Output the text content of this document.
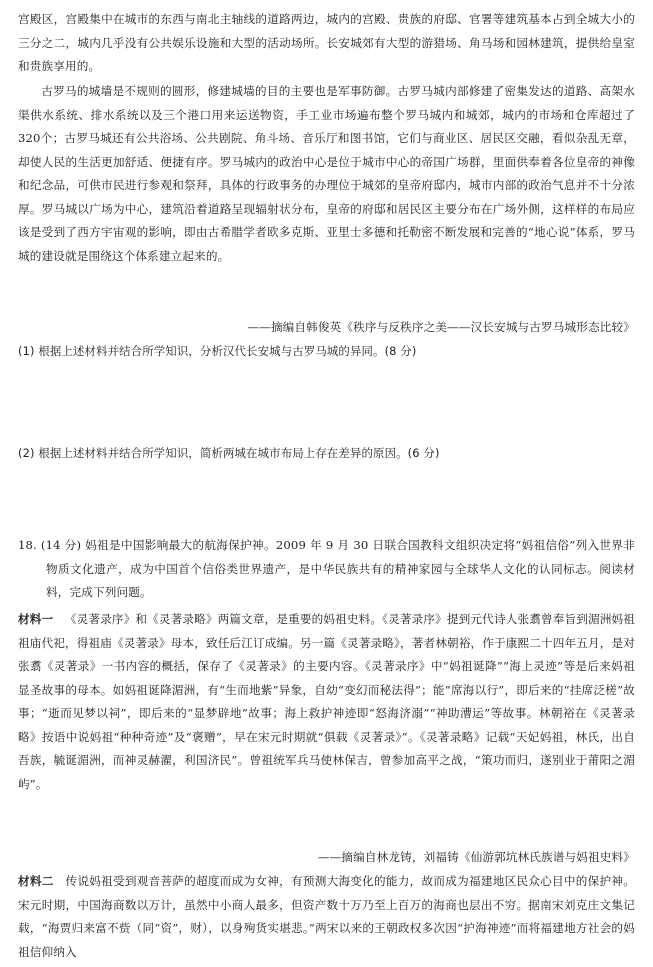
宫殿区，宫殿集中在城市的东西与南北主轴线的道路两边，城内的宫殿、贵族的府邸、官署等建筑基本占到全城大小的三分之二，城内几乎没有公共娱乐设施和大型的活动场所。长安城郊有大型的游猎场、角马场和园林建筑，提供给皇室和贵族享用的。
古罗马的城墙是不规则的圆形，修建城墙的目的主要也是军事防御。古罗马城内部修建了密集发达的道路、高架水渠供水系统、排水系统以及三个港口用来运送物资，手工业市场遍布整个罗马城内和城郊，城内的市场和仓库超过了320个；古罗马城还有公共浴场、公共剧院、角斗场、音乐厅和图书馆，它们与商业区、居民区交融，看似杂乱无章，却使人民的生活更加舒适、便捷有序。罗马城内的政治中心是位于城市中心的帝国广场群，里面供奉着各位皇帝的神像和纪念品，可供市民进行参观和祭拜，具体的行政事务的办理位于城郊的皇帝府邸内，城市内部的政治气息并不十分浓厚。罗马城以广场为中心，建筑沿着道路呈现辐射状分布，皇帝的府邸和居民区主要分布在广场外侧，这样样的布局应该是受到了西方宇宙观的影响，即由古希腊学者欧多克斯、亚里士多德和托勒密不断发展和完善的“地心说”体系，罗马城的建设就是围绕这个体系建立起来的。
——摘编自韩俊英《秩序与反秩序之美——汉长安城与古罗马城形态比较》
(1) 根据上述材料并结合所学知识，分析汉代长安城与古罗马城的异同。(8 分)
(2) 根据上述材料并结合所学知识，简析两城在城市布局上存在差异的原因。(6 分)
18. (14 分) 妈祖是中国影响最大的航海保护神。2009 年 9 月 30 日联合国教科文组织决定将“妈祖信俗”列入世界非物质文化遗产，成为中国首个信俗类世界遗产，是中华民族共有的精神家园与全球华人文化的认同标志。阅读材料，完成下列问题。
材料一 《灵著录序》和《灵著录略》两篇文章，是重要的妈祖史料。《灵著录序》提到元代诗人张翥曾奉旨到湄洲妈祖祖庙代祀，得祖庙《灵著录》母本，致任后江订成编。另一篇《灵著录略》，著者林朝裕，作于康熙二十四年五月，是对张翥《灵著录》一书内容的概括，保存了《灵著录》的主要内容。《灵著录序》中“妈祖诞降”“海上灵迹”等是后来妈祖显圣故事的母本。如妈祖诞降湄洲，有“生而地紫”异象，自幼“变幻而秘法得”；能“席海以行”，即后来的“挂席泛槎”故事；“逝而见梦以祠”，即后来的“显梦辟地”故事；海上救护神迹即“怒海济溺”“神助漕运”等故事。林朝裕在《灵著录略》按语中说妈祖“种种奇迹”及“褒赠”，早在宋元时期就“俱载《灵著录》”。《灵著录略》记载“天妃妈祖，林氏，出自吾族，毓诞湄洲，而神灵赫濯，利国济民”。曾祖统军兵马使林保吉，曾参加高平之战，“策功而归，遂别业于莆阳之湄屿”。
——摘编自林龙铸，刘福铸《仙游郭坑林氏族谱与妈祖史料》
材料二 传说妈祖受到观音菩萨的超度而成为女神，有预测大海变化的能力，故而成为福建地区民众心目中的保护神。宋元时期，中国海商数以万计，虽然中小商人最多，但资产数十万乃至上百万的海商也层出不穷。据南宋刘克庄文集记载，“海贾归来富不赀（同“资”，财），以身殉货实堪悲。”两宋以来的王朝政权多次因“护海神迹”而将福建地方社会的妈祖信仰纳入
